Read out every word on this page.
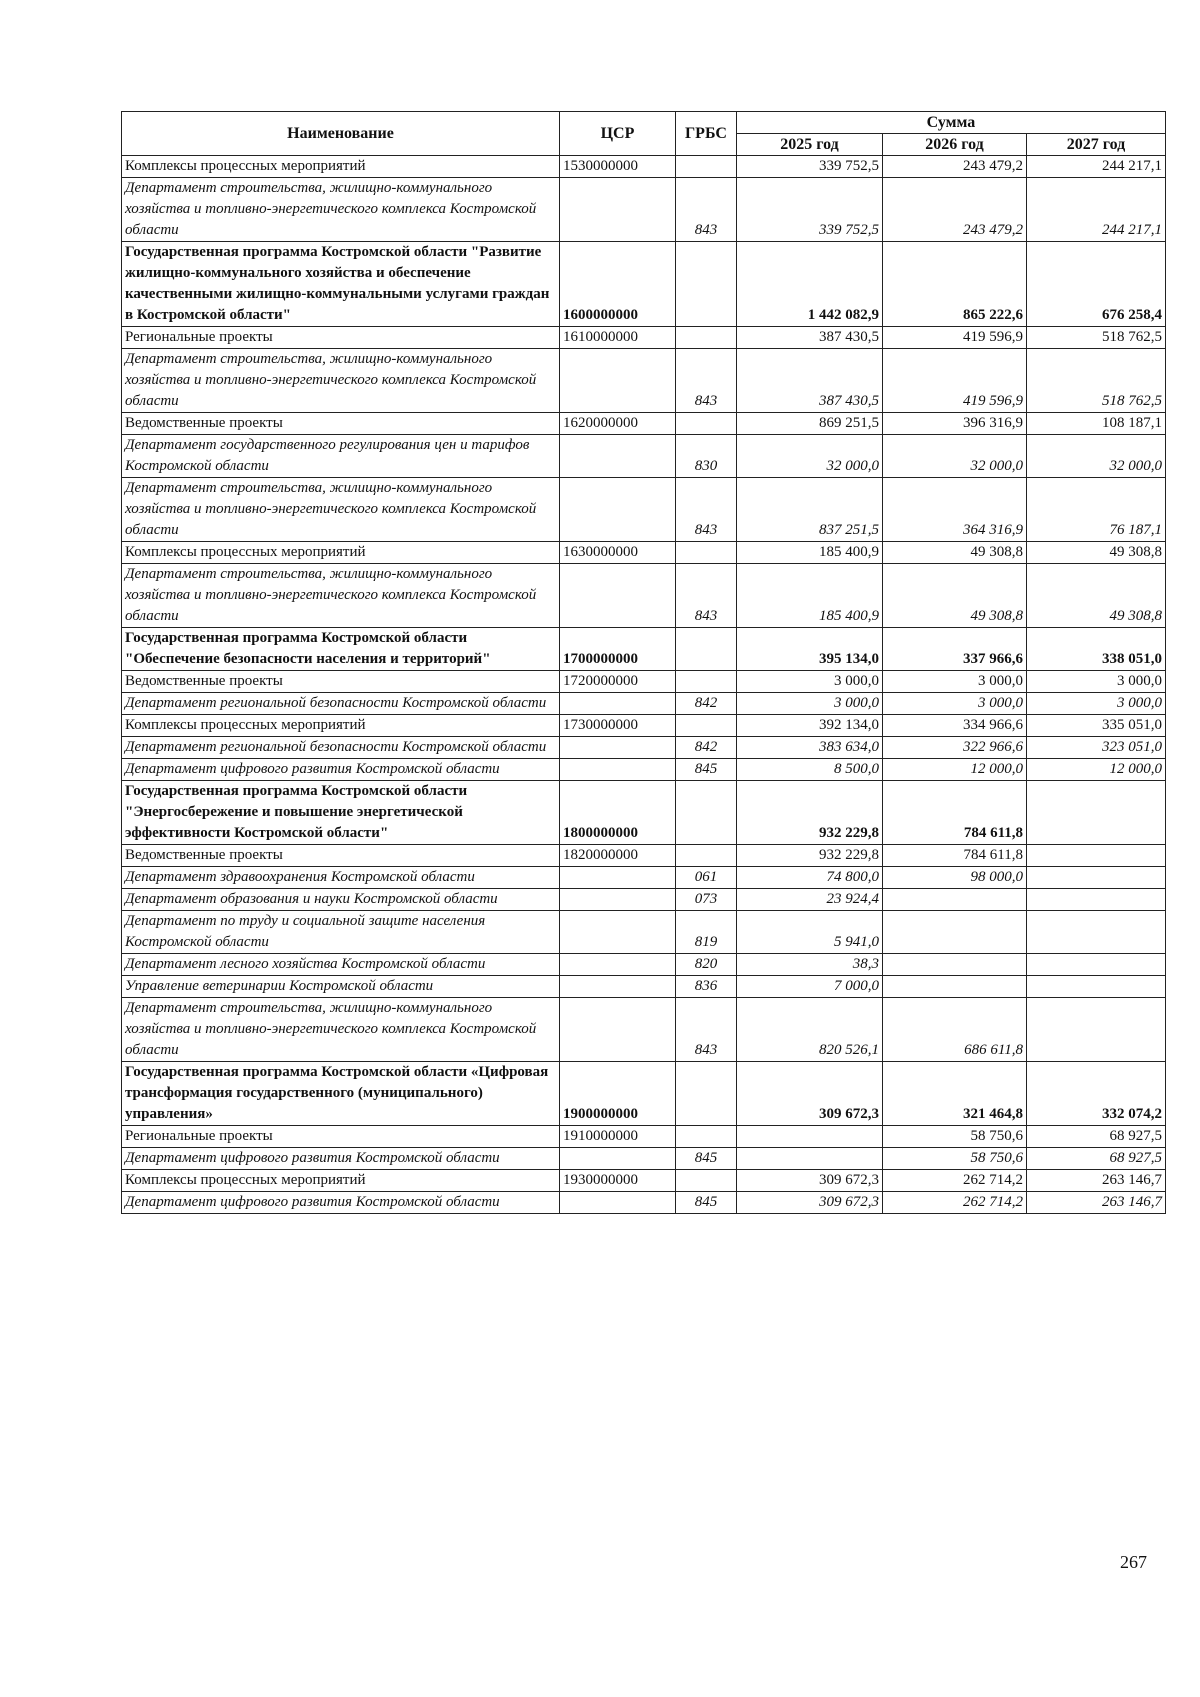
Наименование	ЦСР	ГРБС	Сумма		
			2025 год	2026 год	2027 год
Комплексы процессных мероприятий	1530000000		339 752,5	243 479,2	244 217,1
Департамент строительства, жилищно-коммунального хозяйства и топливно-энергетического комплекса Костромской области		843	339 752,5	243 479,2	244 217,1
Государственная программа Костромской области "Развитие жилищно-коммунального хозяйства и обеспечение качественными жилищно-коммунальными услугами граждан в Костромской области"	1600000000		1 442 082,9	865 222,6	676 258,4
Региональные проекты	1610000000		387 430,5	419 596,9	518 762,5
Департамент строительства, жилищно-коммунального хозяйства и топливно-энергетического комплекса Костромской области		843	387 430,5	419 596,9	518 762,5
Ведомственные проекты	1620000000		869 251,5	396 316,9	108 187,1
Департамент государственного регулирования цен и тарифов Костромской области		830	32 000,0	32 000,0	32 000,0
Департамент строительства, жилищно-коммунального хозяйства и топливно-энергетического комплекса Костромской области		843	837 251,5	364 316,9	76 187,1
Комплексы процессных мероприятий	1630000000		185 400,9	49 308,8	49 308,8
Департамент строительства, жилищно-коммунального хозяйства и топливно-энергетического комплекса Костромской области		843	185 400,9	49 308,8	49 308,8
Государственная программа Костромской области "Обеспечение безопасности населения и территорий"	1700000000		395 134,0	337 966,6	338 051,0
Ведомственные проекты	1720000000		3 000,0	3 000,0	3 000,0
Департамент региональной безопасности Костромской области		842	3 000,0	3 000,0	3 000,0
Комплексы процессных мероприятий	1730000000		392 134,0	334 966,6	335 051,0
Департамент региональной безопасности Костромской области		842	383 634,0	322 966,6	323 051,0
Департамент цифрового развития Костромской области		845	8 500,0	12 000,0	12 000,0
Государственная программа Костромской области "Энергосбережение и повышение энергетической эффективности Костромской области"	1800000000		932 229,8	784 611,8	
Ведомственные проекты	1820000000		932 229,8	784 611,8	
Департамент здравоохранения Костромской области		061	74 800,0	98 000,0	
Департамент образования и науки Костромской области		073	23 924,4		
Департамент по труду и социальной защите населения Костромской области		819	5 941,0		
Департамент лесного хозяйства Костромской области		820	38,3		
Управление ветеринарии Костромской области		836	7 000,0		
Департамент строительства, жилищно-коммунального хозяйства и топливно-энергетического комплекса Костромской области		843	820 526,1	686 611,8	
Государственная программа Костромской области «Цифровая трансформация государственного (муниципального) управления»	1900000000		309 672,3	321 464,8	332 074,2
Региональные проекты	1910000000			58 750,6	68 927,5
Департамент цифрового развития Костромской области		845		58 750,6	68 927,5
Комплексы процессных мероприятий	1930000000		309 672,3	262 714,2	263 146,7
Департамент цифрового развития Костромской области		845	309 672,3	262 714,2	263 146,7
267
